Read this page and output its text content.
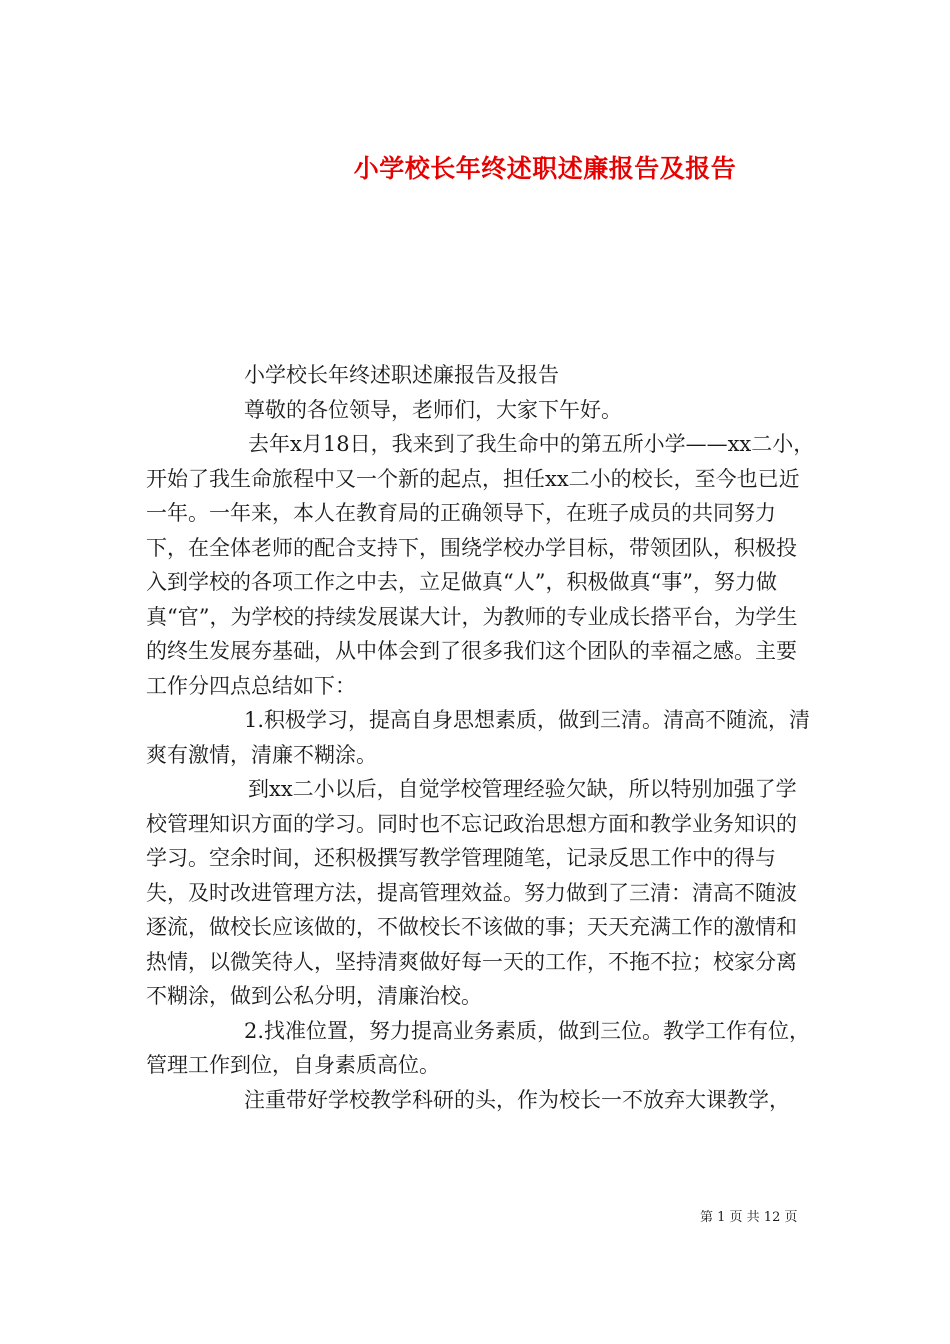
小学校长年终述职述廉报告及报告

小学校长年终述职述廉报告及报告

尊敬的各位领导，老师们，大家下午好。

去年x月18日，我来到了我生命中的第五所小学——xx二小，开始了我生命旅程中又一个新的起点，担任xx二小的校长，至今也已近一年。一年来，本人在教育局的正确领导下，在班子成员的共同努力下，在全体老师的配合支持下，围绕学校办学目标，带领团队，积极投入到学校的各项工作之中去，立足做真“人”，积极做真“事”，努力做真“官”，为学校的持续发展谋大计，为教师的专业成长搭平台，为学生的终生发展夯基础，从中体会到了很多我们这个团队的幸福之感。主要工作分四点总结如下：

1.积极学习，提高自身思想素质，做到三清。清高不随流，清爽有激情，清廉不糊涂。

到xx二小以后，自觉学校管理经验欠缺，所以特别加强了学校管理知识方面的学习。同时也不忘记政治思想方面和教学业务知识的学习。空余时间，还积极撰写教学管理随笔，记录反思工作中的得与失，及时改进管理方法，提高管理效益。努力做到了三清：清高不随波逐流，做校长应该做的，不做校长不该做的事；天天充满工作的激情和热情，以微笑待人，坚持清爽做好每一天的工作，不拖不拉；校家分离不糊涂，做到公私分明，清廉治校。

2.找准位置，努力提高业务素质，做到三位。教学工作有位，管理工作到位，自身素质高位。

注重带好学校教学科研的头，作为校长一不放弃大课教学，

第 1 页 共 12 页
